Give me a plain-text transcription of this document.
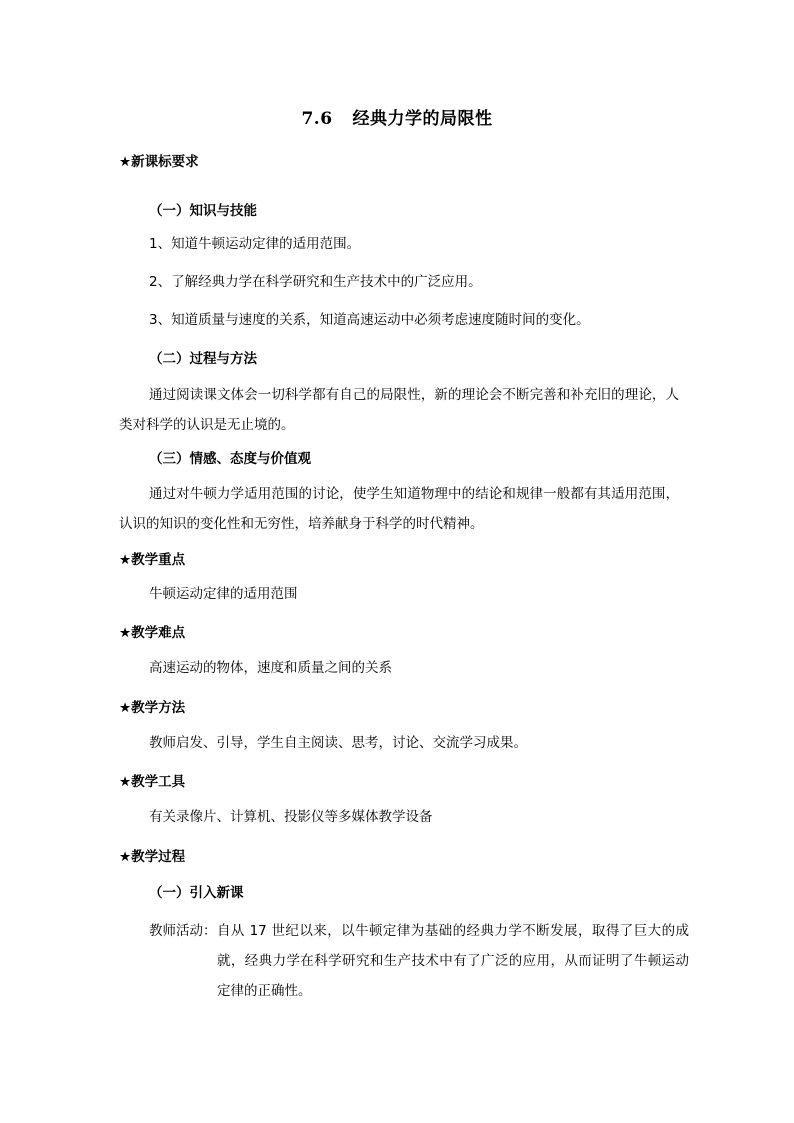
7.6 经典力学的局限性
★新课标要求
（一）知识与技能
1、知道牛顿运动定律的适用范围。
2、了解经典力学在科学研究和生产技术中的广泛应用。
3、知道质量与速度的关系，知道高速运动中必须考虑速度随时间的变化。
（二）过程与方法
通过阅读课文体会一切科学都有自己的局限性，新的理论会不断完善和补充旧的理论，人类对科学的认识是无止境的。
（三）情感、态度与价值观
通过对牛顿力学适用范围的讨论，使学生知道物理中的结论和规律一般都有其适用范围，认识的知识的变化性和无穷性，培养献身于科学的时代精神。
★教学重点
牛顿运动定律的适用范围
★教学难点
高速运动的物体，速度和质量之间的关系
★教学方法
教师启发、引导，学生自主阅读、思考，讨论、交流学习成果。
★教学工具
有关录像片、计算机、投影仪等多媒体教学设备
★教学过程
（一）引入新课
教师活动： 自从 17 世纪以来，以牛顿定律为基础的经典力学不断发展，取得了巨大的成就，经典力学在科学研究和生产技术中有了广泛的应用，从而证明了牛顿运动定律的正确性。
